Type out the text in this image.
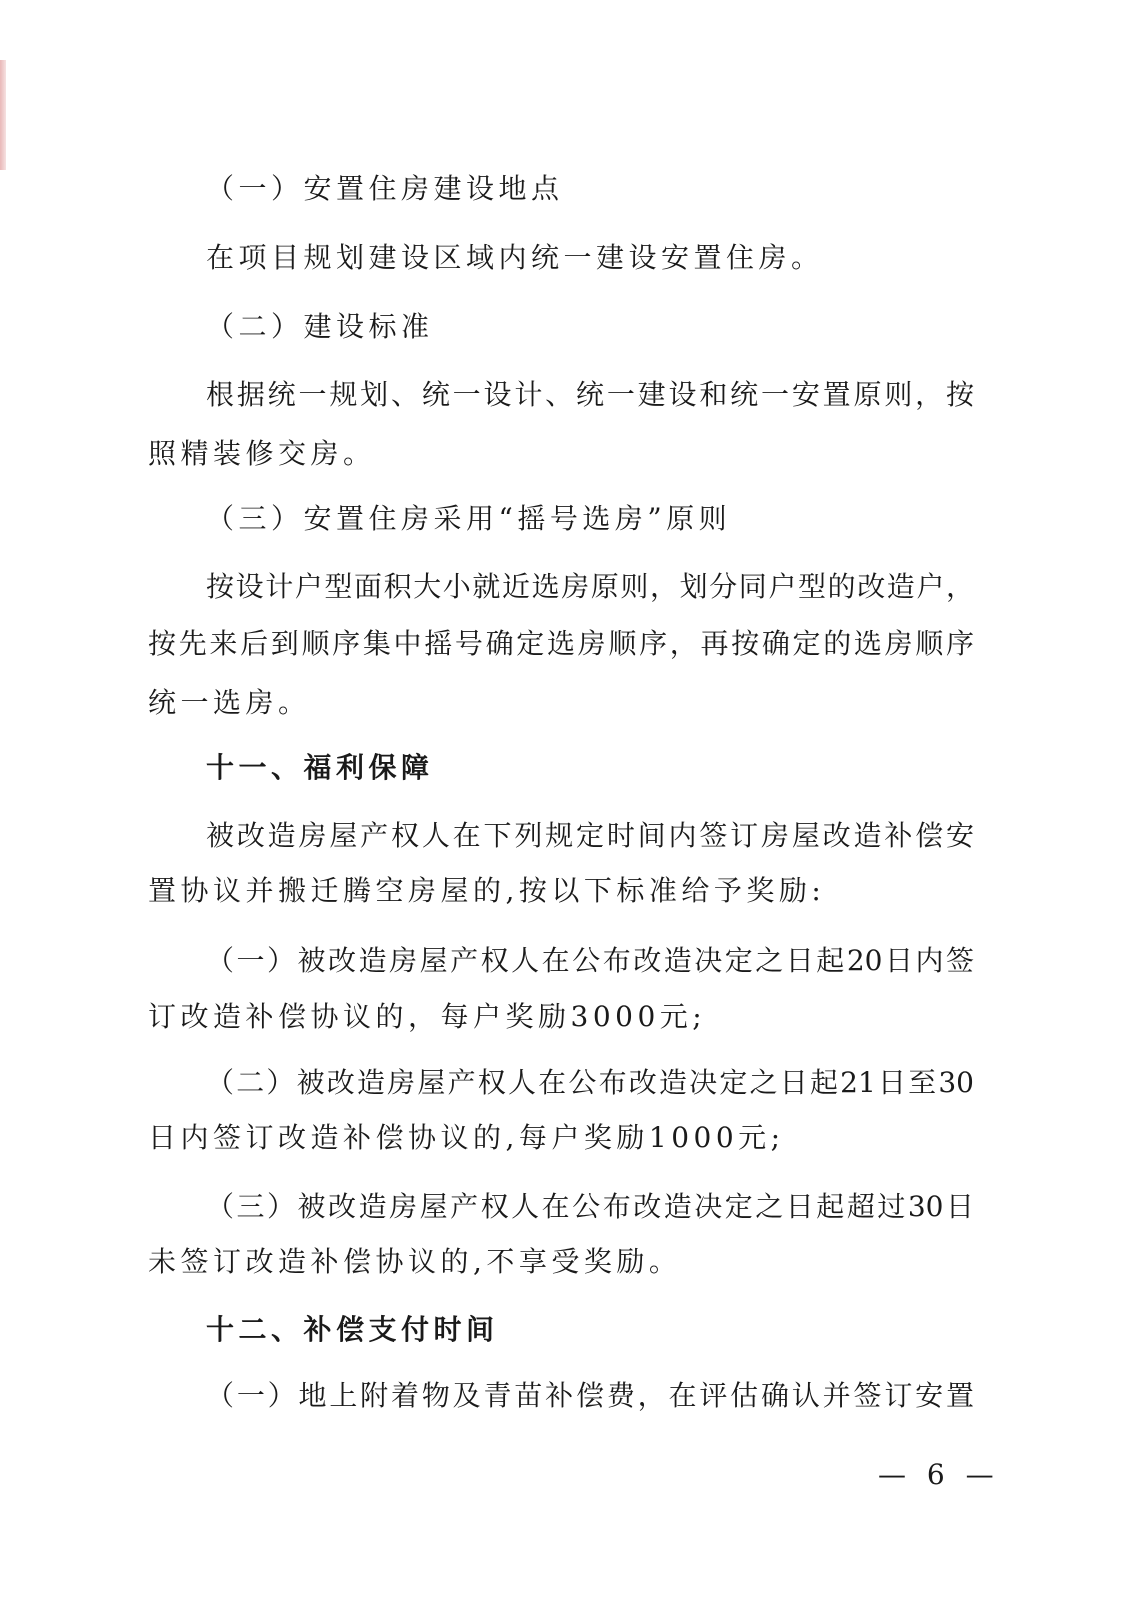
（一）安置住房建设地点
在项目规划建设区域内统一建设安置住房。
（二）建设标准
根据统一规划、统一设计、统一建设和统一安置原则，按
照精装修交房。
（三）安置住房采用“摇号选房”原则
按设计户型面积大小就近选房原则，划分同户型的改造户，
按先来后到顺序集中摇号确定选房顺序，再按确定的选房顺序
统一选房。
十一、福利保障
被改造房屋产权人在下列规定时间内签订房屋改造补偿安
置协议并搬迁腾空房屋的,按以下标准给予奖励:
（一）被改造房屋产权人在公布改造决定之日起20日内签
订改造补偿协议的，每户奖励3000元;
（二）被改造房屋产权人在公布改造决定之日起21日至30
日内签订改造补偿协议的,每户奖励1000元;
（三）被改造房屋产权人在公布改造决定之日起超过30日
未签订改造补偿协议的,不享受奖励。
十二、补偿支付时间
（一）地上附着物及青苗补偿费，在评估确认并签订安置
— 6 —
